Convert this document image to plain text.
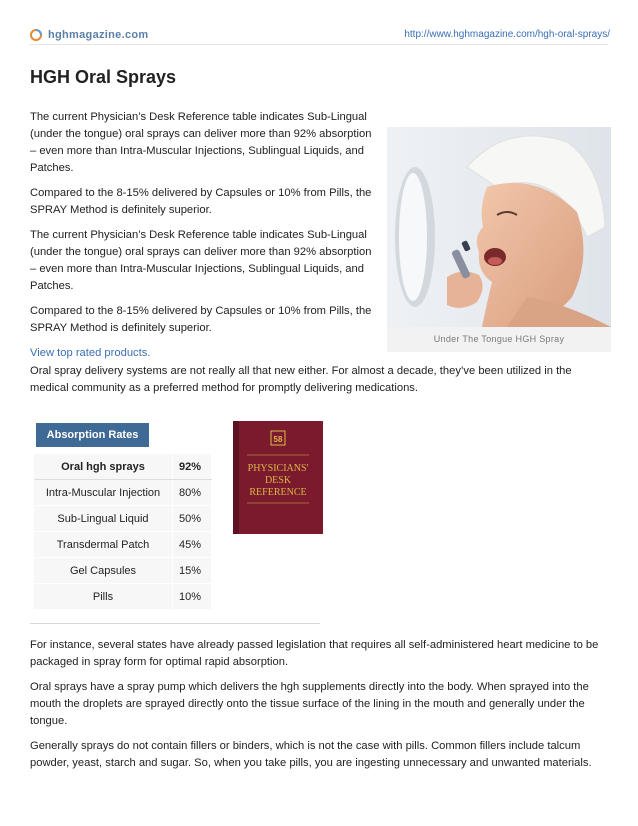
hghmagazine.com	http://www.hghmagazine.com/hgh-oral-sprays/
HGH Oral Sprays

The current Physician’s Desk Reference table indicates Sub-Lingual (under the tongue) oral sprays can deliver more than 92% absorption – even more than Intra-Muscular Injections, Sublingual Liquids, and Patches.

Compared to the 8-15% delivered by Capsules or 10% from Pills, the SPRAY Method is definitely superior.

The current Physician’s Desk Reference table indicates Sub-Lingual (under the tongue) oral sprays can deliver more than 92% absorption – even more than Intra-Muscular Injections, Sublingual Liquids, and Patches.

Compared to the 8-15% delivered by Capsules or 10% from Pills, the SPRAY Method is definitely superior.

View top rated products.

Under The Tongue HGH Spray

Oral spray delivery systems are not really all that new either. For almost a decade, they’ve been utilized in the medical community as a preferred method for promptly delivering medications.

Absorption Rates
Oral hgh sprays	92%
Intra-Muscular Injection	80%
Sub-Lingual Liquid	50%
Transdermal Patch	45%
Gel Capsules	15%
Pills	10%
58
PHYSICIANS'
DESK
REFERENCE

For instance, several states have already passed legislation that requires all self-administered heart medicine to be packaged in spray form for optimal rapid absorption.

Oral sprays have a spray pump which delivers the hgh supplements directly into the body. When sprayed into the mouth the droplets are sprayed directly onto the tissue surface of the lining in the mouth and generally under the tongue.

Generally sprays do not contain fillers or binders, which is not the case with pills. Common fillers include talcum powder, yeast, starch and sugar. So, when you take pills, you are ingesting unnecessary and unwanted materials.
